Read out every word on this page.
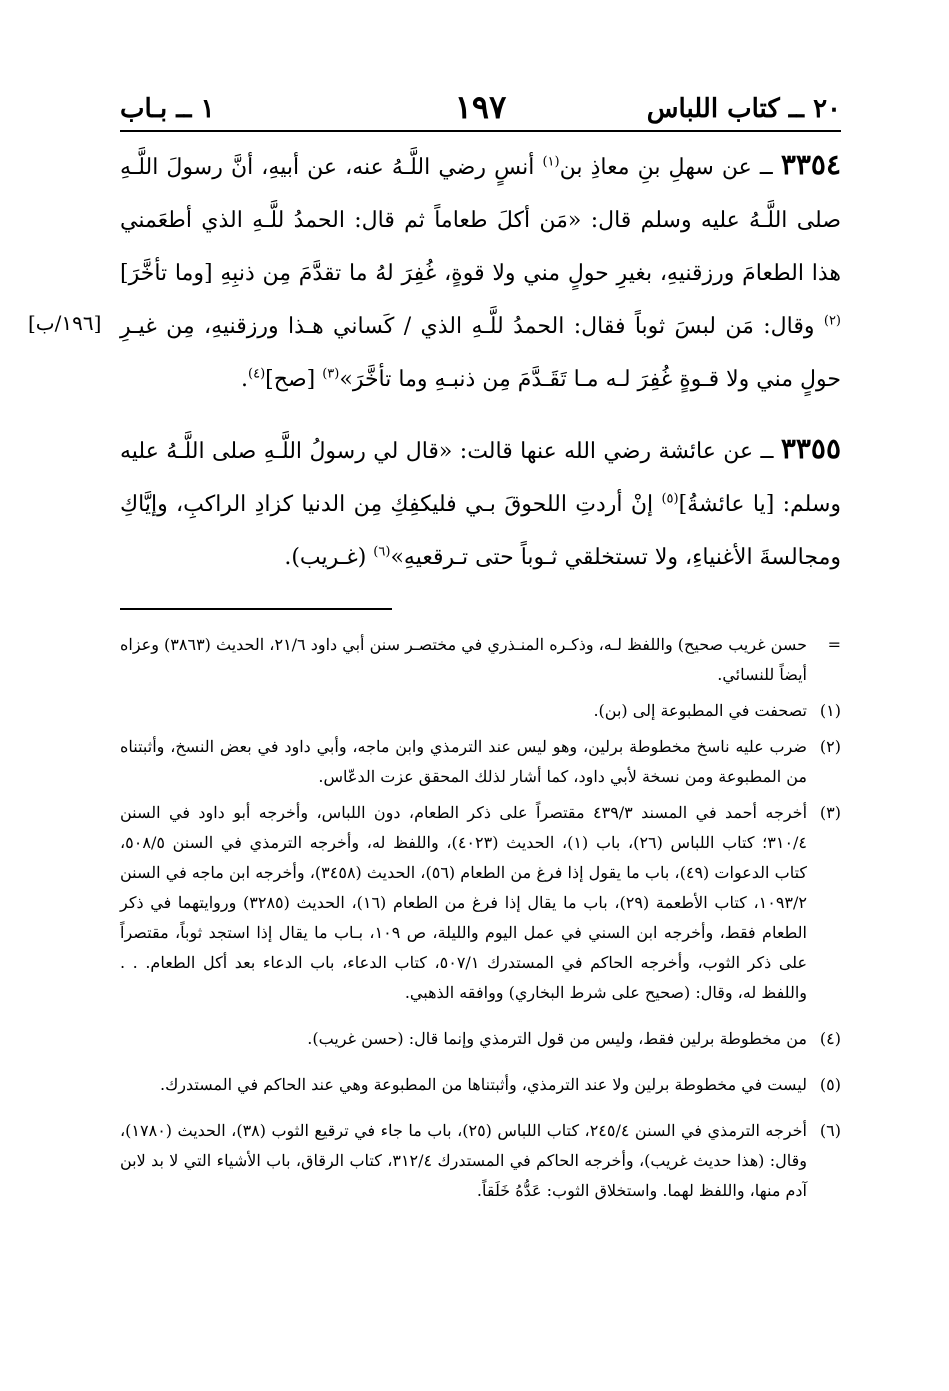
٢٠ ــ كتاب اللباس
١٩٧
١ ــ بـاب

٣٣٥٤ ــ عن سهلِ بنِ معاذِ بن$^{(١)}$ أنسٍ رضي اللَّـهُ عنه، عن أبيهِ، أنَّ رسولَ اللَّـهِ صلى اللَّـهُ عليه وسلم قال: «مَن أكلَ طعاماً ثم قال: الحمدُ للَّـهِ الذي أطعَمني هذا الطعامَ ورزقنيهِ، بغيرِ حولٍ مني ولا قوةٍ، غُفِرَ لهُ ما تقدَّمَ مِن ذنبِهِ [وما تأخَّرَ]$^{(٢)}$ وقال: مَن لبسَ ثوباً فقال: الحمدُ للَّـهِ الذي / كَساني هـذا ورزقنيهِ، مِن غيـرِ حولٍ مني ولا قـوةٍ غُفِرَ لـه مـا تَقَـدَّمَ مِن ذنبـهِ وما تأخَّرَ»$^{(٣)}$ [صح]$^{(٤)}$.
[١٩٦/ب]

٣٣٥٥ ــ عن عائشة رضي الله عنها قالت: «قال لي رسولُ اللَّـهِ صلى اللَّـهُ عليه وسلم: [يا عائشةُ]$^{(٥)}$ إنْ أردتِ اللحوقَ بـي فليكفِكِ مِن الدنيا كزادِ الراكبِ، وإيَّاكِ ومجالسةَ الأغنياءِ، ولا تستخلقي ثـوباً حتى تـرقعيهِ»$^{(٦)}$ (غـريب).

=
حسن غريب صحيح) واللفظ لـه، وذكـره المنـذري في مختصـر سنن أبي داود ٢١/٦، الحديث (٣٨٦٣) وعزاه أيضاً للنسائي.

(١)
تصحفت في المطبوعة إلى (بن).

(٢)
ضرب عليه ناسخ مخطوطة برلين، وهو ليس عند الترمذي وابن ماجه، وأبي داود في بعض النسخ، وأثبتناه من المطبوعة ومن نسخة لأبي داود، كما أشار لذلك المحقق عزت الدعّاس.

(٣)
أخرجه أحمد في المسند ٤٣٩/٣ مقتصراً على ذكر الطعام، دون اللباس، وأخرجه أبو داود في السنن ٣١٠/٤؛ كتاب اللباس (٢٦)، باب (١)، الحديث (٤٠٢٣)، واللفظ له، وأخرجه الترمذي في السنن ٥٠٨/٥، كتاب الدعوات (٤٩)، باب ما يقول إذا فرغ من الطعام (٥٦)، الحديث (٣٤٥٨)، وأخرجه ابن ماجه في السنن ١٠٩٣/٢، كتاب الأطعمة (٢٩)، باب ما يقال إذا فرغ من الطعام (١٦)، الحديث (٣٢٨٥) وروايتهما في ذكر الطعام فقط، وأخرجه ابن السني في عمل اليوم والليلة، ص ١٠٩، بـاب ما يقال إذا استجد ثوباً، مقتصراً على ذكر الثوب، وأخرجه الحاكم في المستدرك ٥٠٧/١، كتاب الدعاء، باب الدعاء بعد أكل الطعام. . . واللفظ له، وقال: (صحيح على شرط البخاري) ووافقه الذهبي.

(٤)
من مخطوطة برلين فقط، وليس من قول الترمذي وإنما قال: (حسن غريب).

(٥)
ليست في مخطوطة برلين ولا عند الترمذي، وأثبتناها من المطبوعة وهي عند الحاكم في المستدرك.

(٦)
أخرجه الترمذي في السنن ٢٤٥/٤، كتاب اللباس (٢٥)، باب ما جاء في ترقيع الثوب (٣٨)، الحديث (١٧٨٠)، وقال: (هذا حديث غريب)، وأخرجه الحاكم في المستدرك ٣١٢/٤، كتاب الرقاق، باب الأشياء التي لا بد لابن آدم منها، واللفظ لهما. واستخلاق الثوب: عَدُّهُ خَلَقاً.
